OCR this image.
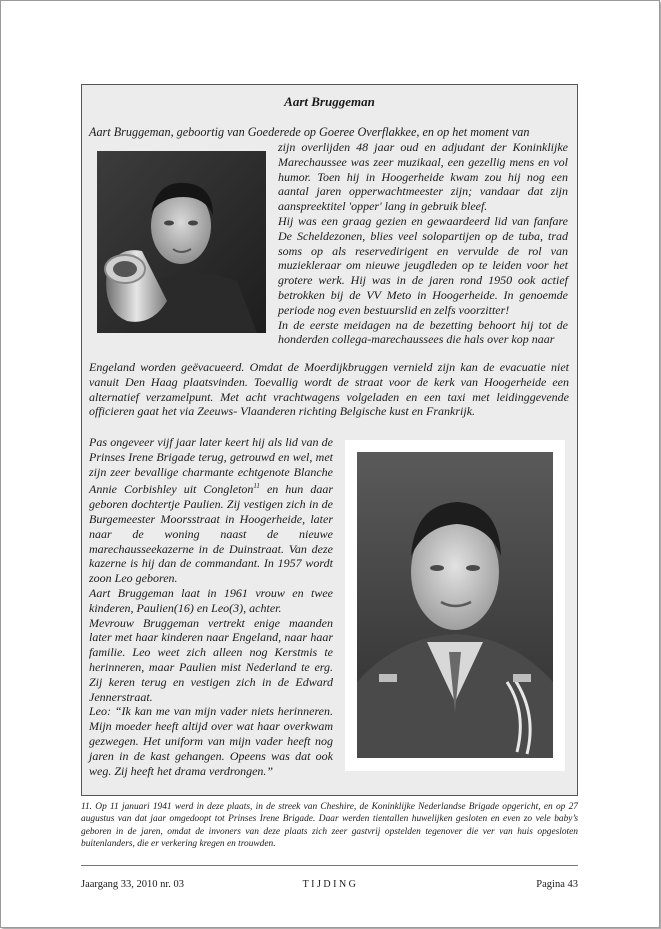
Aart Bruggeman
Aart Bruggeman, geboortig van Goederede op Goeree Overflakkee, en op het moment van

zijn overlijden 48 jaar oud en adjudant der Koninklijke Marechaussee was zeer muzikaal, een gezellig mens en vol humor. Toen hij in Hoogerheide kwam zou hij nog een aantal jaren opperwachtmeester zijn; vandaar dat zijn aanspreektitel 'opper' lang in gebruik bleef.

Hij was een graag gezien en gewaardeerd lid van fanfare De Scheldezonen, blies veel solopartijen op de tuba, trad soms op als reservedirigent en vervulde de rol van muziekleraar om nieuwe jeugdleden op te leiden voor het grotere werk. Hij was in de jaren rond 1950 ook actief betrokken bij de VV Meto in Hoogerheide. In genoemde periode nog even bestuurslid en zelfs voorzitter!

In de eerste meidagen na de bezetting behoort hij tot de honderden collega-marechaussees die hals over kop naar

Engeland worden geëvacueerd. Omdat de Moerdijkbruggen vernield zijn kan de evacuatie niet vanuit Den Haag plaatsvinden. Toevallig wordt de straat voor de kerk van Hoogerheide een alternatief verzamelpunt. Met acht vrachtwagens volgeladen en een taxi met leidinggevende officieren gaat het via Zeeuws- Vlaanderen richting Belgische kust en Frankrijk.

Pas ongeveer vijf jaar later keert hij als lid van de Prinses Irene Brigade terug, getrouwd en wel, met zijn zeer bevallige charmante echtgenote Blanche Annie Corbishley uit Congleton$^{11}$ en hun daar geboren dochtertje Paulien. Zij vestigen zich in de Burgemeester Moorsstraat in Hoogerheide, later naar de woning naast de nieuwe marechausseekazerne in de Duinstraat. Van deze kazerne is hij dan de commandant. In 1957 wordt zoon Leo geboren.

Aart Bruggeman laat in 1961 vrouw en twee kinderen, Paulien(16) en Leo(3), achter.

Mevrouw Bruggeman vertrekt enige maanden later met haar kinderen naar Engeland, naar haar familie. Leo weet zich alleen nog Kerstmis te herinneren, maar Paulien mist Nederland te erg. Zij keren terug en vestigen zich in de Edward Jennerstraat.

Leo: “Ik kan me van mijn vader niets herinneren. Mijn moeder heeft altijd over wat haar overkwam gezwegen. Het uniform van mijn vader heeft nog jaren in de kast gehangen. Opeens was dat ook weg. Zij heeft het drama verdrongen.”

11. Op 11 januari 1941 werd in deze plaats, in de streek van Cheshire, de Koninklijke Nederlandse Brigade opgericht, en op 27 augustus van dat jaar omgedoopt tot Prinses Irene Brigade. Daar werden tientallen huwelijken gesloten en even zo vele baby’s geboren in de jaren, omdat de invoners van deze plaats zich zeer gastvrij opstelden tegenover die ver van huis opgesloten buitenlanders, die er verkering kregen en trouwden.

Jaargang 33, 2010 nr. 03	TIJDING	Pagina 43
